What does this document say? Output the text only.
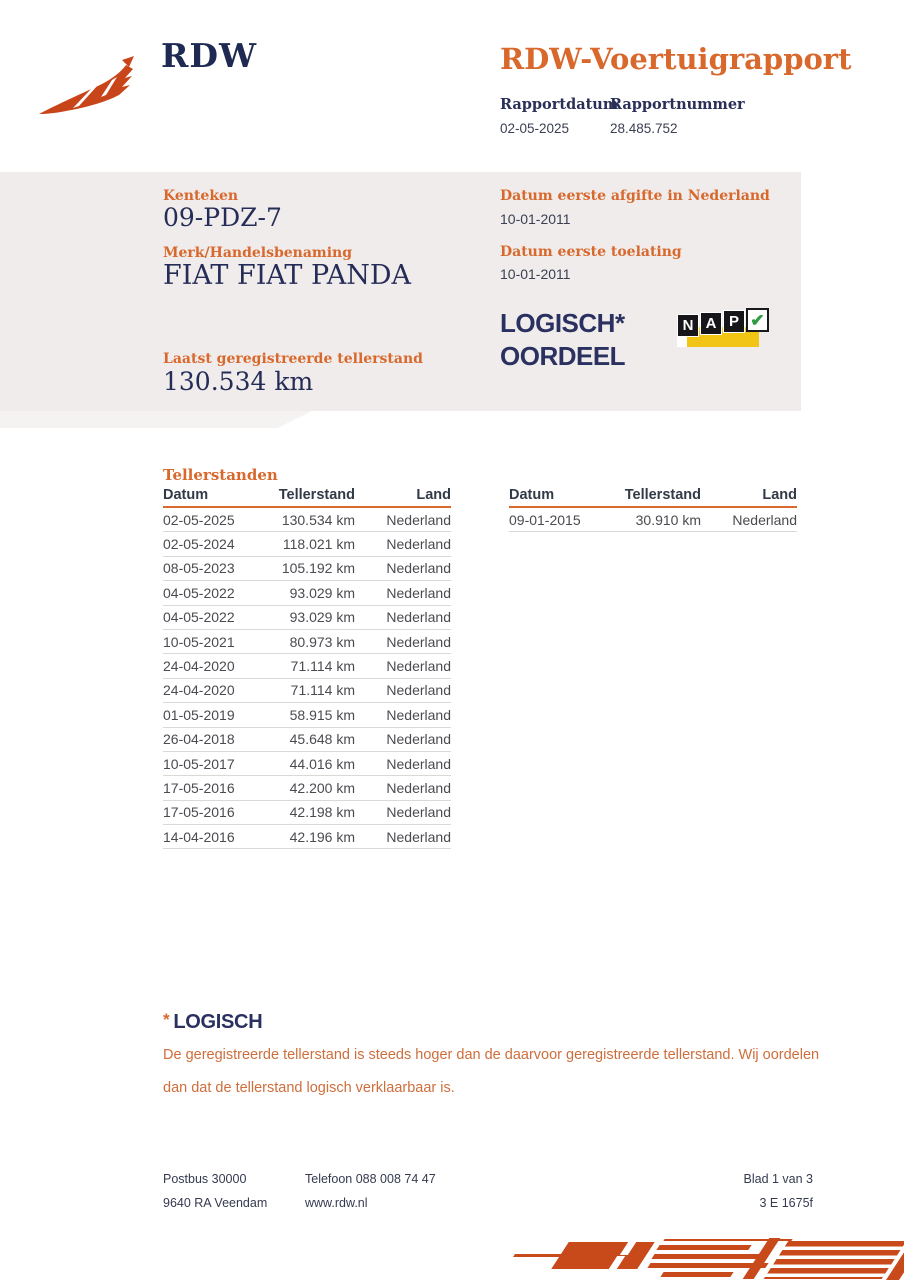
RDW	RDW-Voertuigrapport
Rapportdatum
02-05-2025
Rapportnummer
28.485.752
Kenteken
09-PDZ-7
Merk/Handelsbenaming
FIAT FIAT PANDA
Laatst geregistreerde tellerstand
130.534 km
Datum eerste afgifte in Nederland
10-01-2011
Datum eerste toelating
10-01-2011
LOGISCH*
OORDEEL
N A P ✔
Tellerstanden
Datum	Tellerstand	Land
02-05-2025	130.534 km	Nederland
02-05-2024	118.021 km	Nederland
08-05-2023	105.192 km	Nederland
04-05-2022	93.029 km	Nederland
04-05-2022	93.029 km	Nederland
10-05-2021	80.973 km	Nederland
24-04-2020	71.114 km	Nederland
24-04-2020	71.114 km	Nederland
01-05-2019	58.915 km	Nederland
26-04-2018	45.648 km	Nederland
10-05-2017	44.016 km	Nederland
17-05-2016	42.200 km	Nederland
17-05-2016	42.198 km	Nederland
14-04-2016	42.196 km	Nederland
Datum	Tellerstand	Land
09-01-2015	30.910 km	Nederland
* LOGISCH
De geregistreerde tellerstand is steeds hoger dan de daarvoor geregistreerde tellerstand. Wij oordelen dan dat de tellerstand logisch verklaarbaar is.
Postbus 30000	Telefoon 088 008 74 47	Blad 1 van 3
9640 RA Veendam	www.rdw.nl	3 E 1675f
